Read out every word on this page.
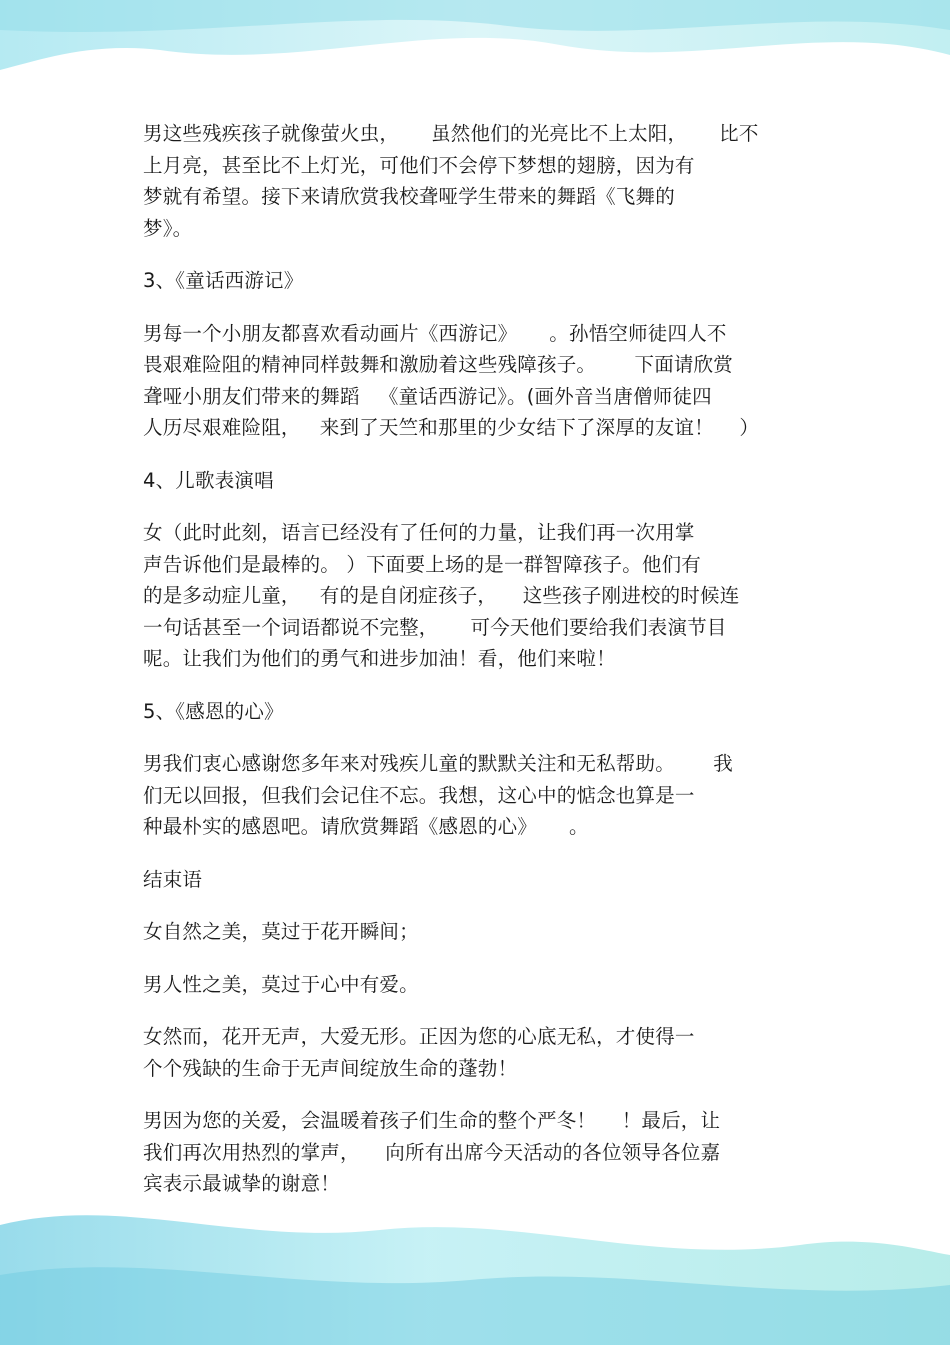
男这些残疾孩子就像萤火虫，     虽然他们的光亮比不上太阳，     比不
上月亮，甚至比不上灯光，可他们不会停下梦想的翅膀，因为有
梦就有希望。接下来请欣赏我校聋哑学生带来的舞蹈《飞舞的
梦》。

3、《童话西游记》

男每一个小朋友都喜欢看动画片《西游记》     。孙悟空师徒四人不
畏艰难险阻的精神同样鼓舞和激励着这些残障孩子。      下面请欣赏
聋哑小朋友们带来的舞蹈   《童话西游记》。(画外音当唐僧师徒四
人历尽艰难险阻，   来到了天竺和那里的少女结下了深厚的友谊！    ）

4、儿歌表演唱

女（此时此刻，语言已经没有了任何的力量，让我们再一次用掌
声告诉他们是最棒的。 ）下面要上场的是一群智障孩子。他们有
的是多动症儿童，   有的是自闭症孩子，    这些孩子刚进校的时候连
一句话甚至一个词语都说不完整，     可今天他们要给我们表演节目
呢。让我们为他们的勇气和进步加油！看，他们来啦！

5、《感恩的心》

男我们衷心感谢您多年来对残疾儿童的默默关注和无私帮助。      我
们无以回报，但我们会记住不忘。我想，这心中的惦念也算是一
种最朴实的感恩吧。请欣赏舞蹈《感恩的心》     。

结束语

女自然之美，莫过于花开瞬间；

男人性之美，莫过于心中有爱。

女然而，花开无声，大爱无形。正因为您的心底无私，才使得一
个个残缺的生命于无声间绽放生命的蓬勃！

男因为您的关爱，会温暖着孩子们生命的整个严冬！    ！最后，让
我们再次用热烈的掌声，    向所有出席今天活动的各位领导各位嘉
宾表示最诚挚的谢意！
